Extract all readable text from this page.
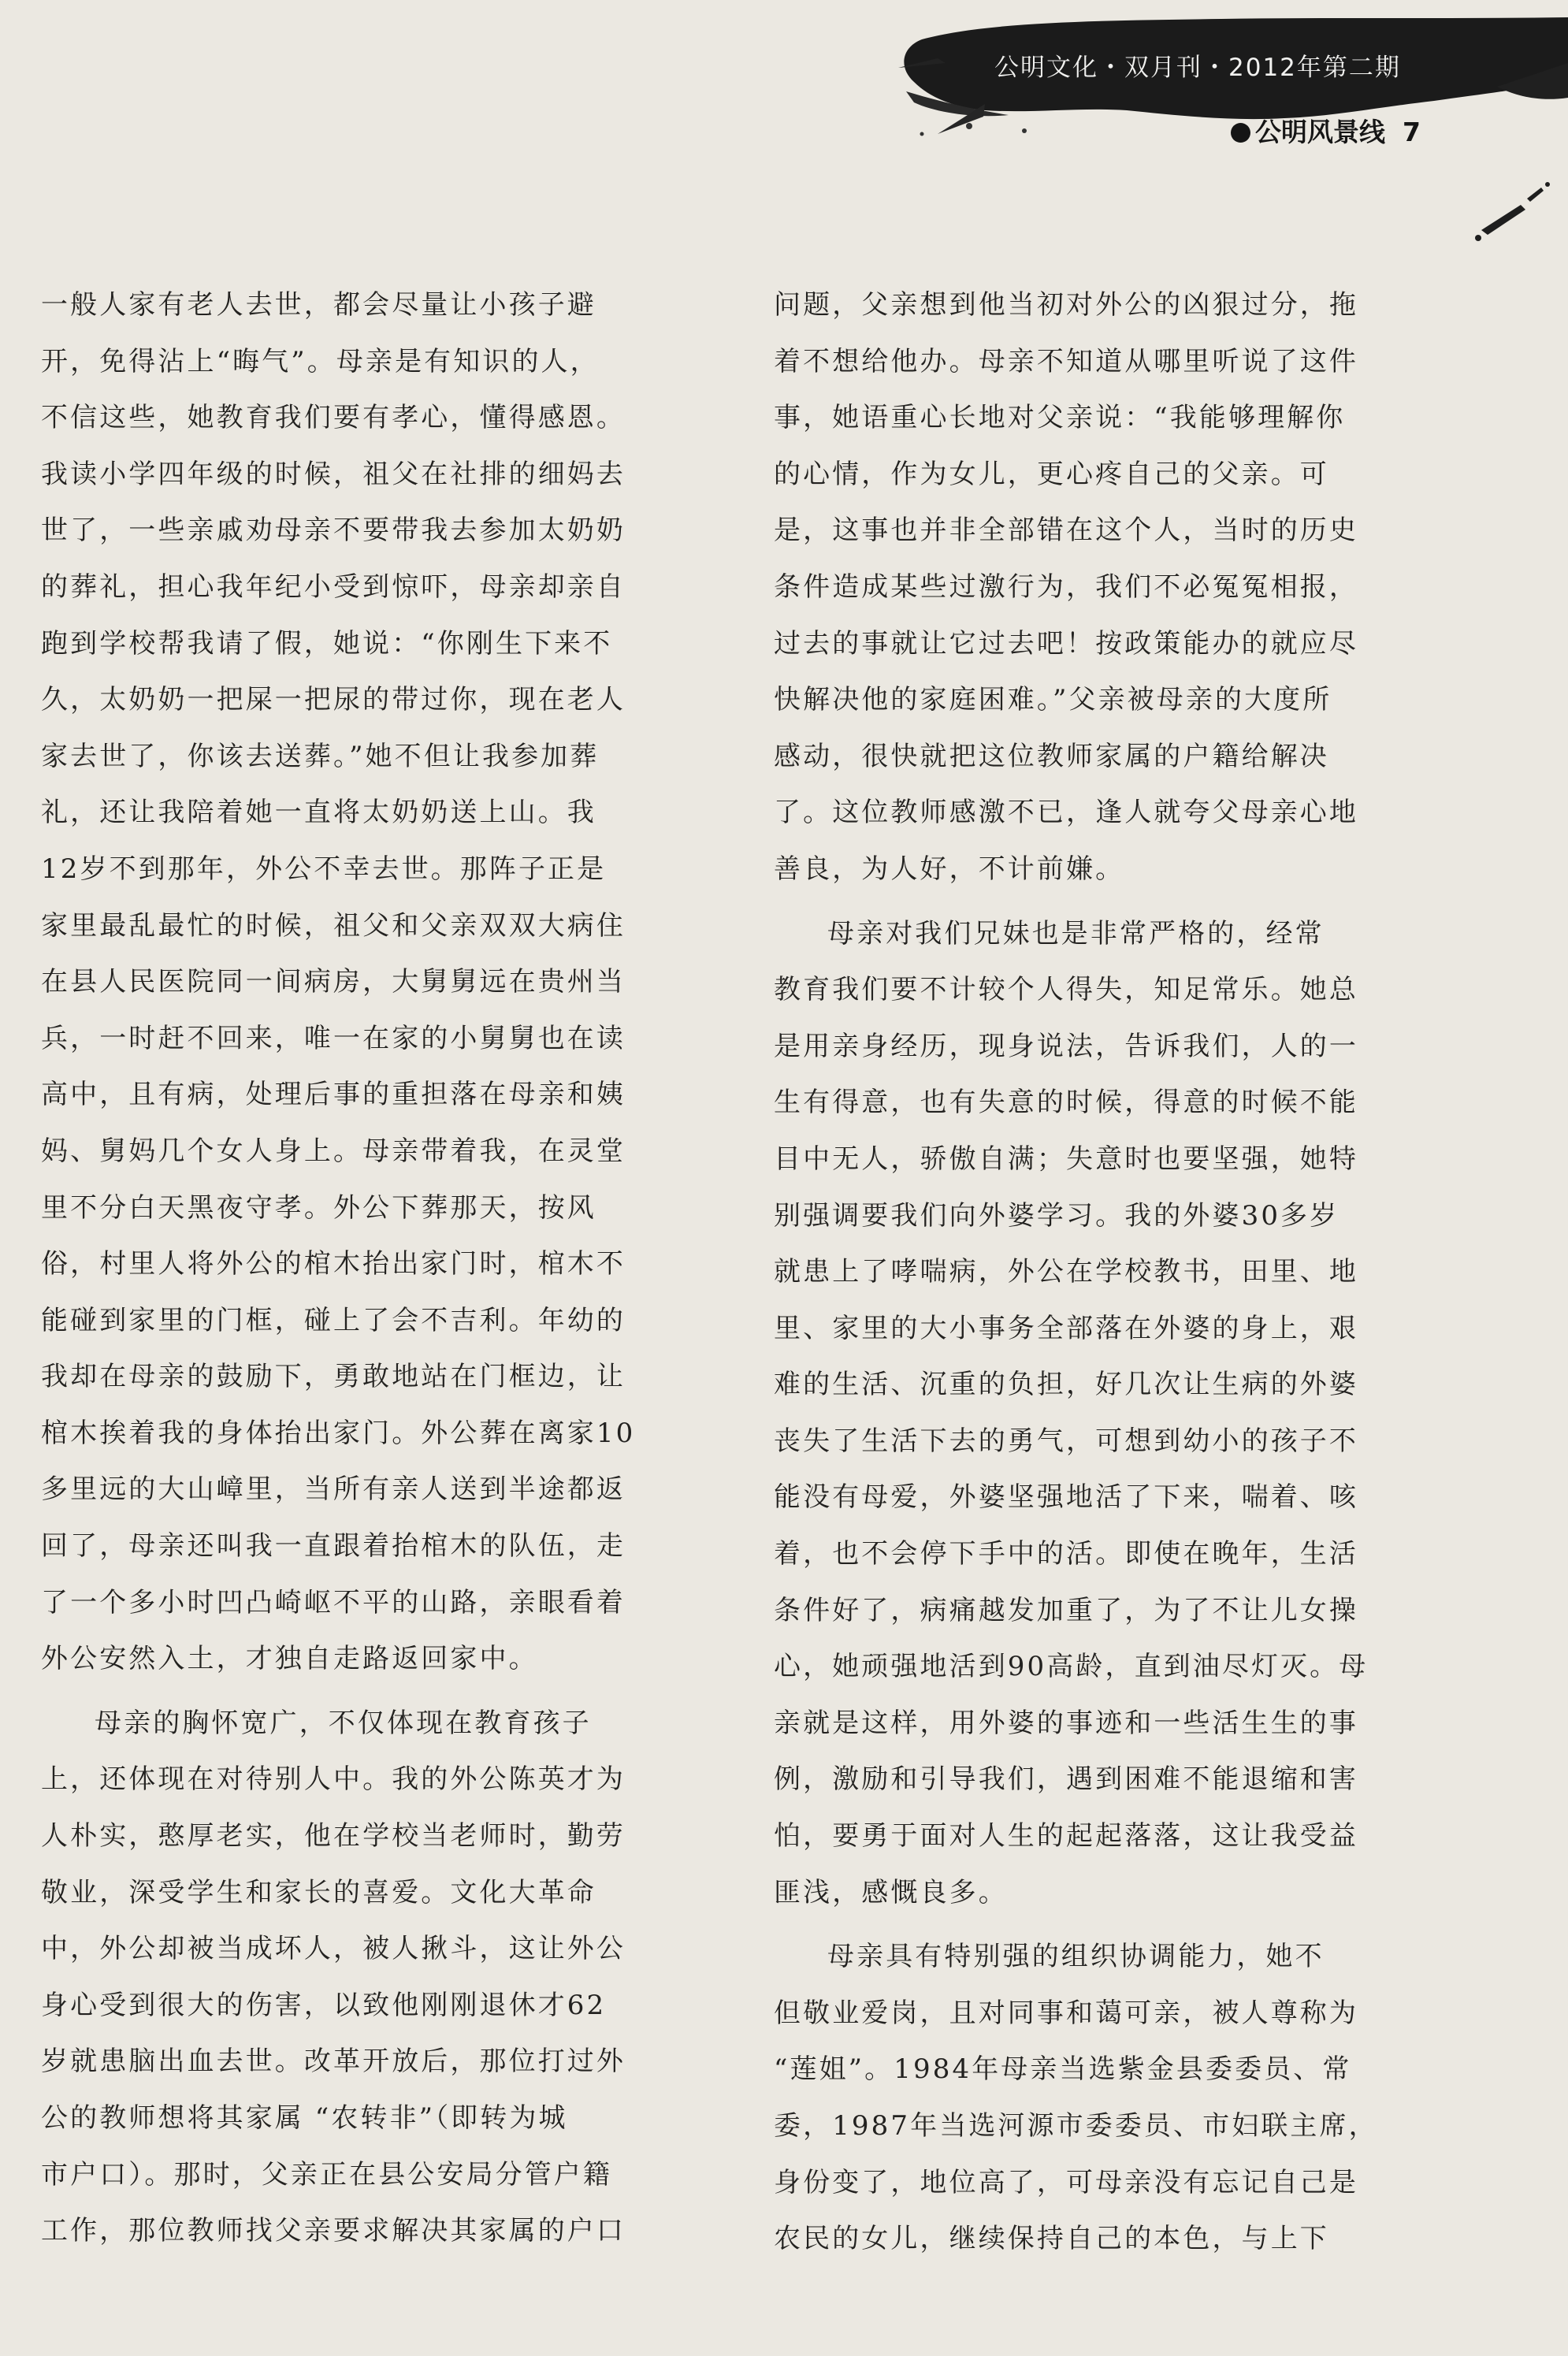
公明文化・双月刊・2012年第二期
公明风景线 7
一般人家有老人去世，都会尽量让小孩子避
开，免得沾上“晦气”。母亲是有知识的人，
不信这些，她教育我们要有孝心，懂得感恩。
我读小学四年级的时候，祖父在社排的细妈去
世了，一些亲戚劝母亲不要带我去参加太奶奶
的葬礼，担心我年纪小受到惊吓，母亲却亲自
跑到学校帮我请了假，她说：“你刚生下来不
久，太奶奶一把屎一把尿的带过你，现在老人
家去世了，你该去送葬。”她不但让我参加葬
礼，还让我陪着她一直将太奶奶送上山。我
12岁不到那年，外公不幸去世。那阵子正是
家里最乱最忙的时候，祖父和父亲双双大病住
在县人民医院同一间病房，大舅舅远在贵州当
兵，一时赶不回来，唯一在家的小舅舅也在读
高中，且有病，处理后事的重担落在母亲和姨
妈、舅妈几个女人身上。母亲带着我，在灵堂
里不分白天黑夜守孝。外公下葬那天，按风
俗，村里人将外公的棺木抬出家门时，棺木不
能碰到家里的门框，碰上了会不吉利。年幼的
我却在母亲的鼓励下，勇敢地站在门框边，让
棺木挨着我的身体抬出家门。外公葬在离家10
多里远的大山嶂里，当所有亲人送到半途都返
回了，母亲还叫我一直跟着抬棺木的队伍，走
了一个多小时凹凸崎岖不平的山路，亲眼看着
外公安然入土，才独自走路返回家中。
母亲的胸怀宽广，不仅体现在教育孩子
上，还体现在对待别人中。我的外公陈英才为
人朴实，憨厚老实，他在学校当老师时，勤劳
敬业，深受学生和家长的喜爱。文化大革命
中，外公却被当成坏人，被人揪斗，这让外公
身心受到很大的伤害，以致他刚刚退休才62
岁就患脑出血去世。改革开放后，那位打过外
公的教师想将其家属 “农转非”（即转为城
市户口）。那时，父亲正在县公安局分管户籍
工作，那位教师找父亲要求解决其家属的户口
问题，父亲想到他当初对外公的凶狠过分，拖
着不想给他办。母亲不知道从哪里听说了这件
事，她语重心长地对父亲说：“我能够理解你
的心情，作为女儿，更心疼自己的父亲。可
是，这事也并非全部错在这个人，当时的历史
条件造成某些过激行为，我们不必冤冤相报，
过去的事就让它过去吧！按政策能办的就应尽
快解决他的家庭困难。”父亲被母亲的大度所
感动，很快就把这位教师家属的户籍给解决
了。这位教师感激不已，逢人就夸父母亲心地
善良，为人好，不计前嫌。
母亲对我们兄妹也是非常严格的，经常
教育我们要不计较个人得失，知足常乐。她总
是用亲身经历，现身说法，告诉我们，人的一
生有得意，也有失意的时候，得意的时候不能
目中无人，骄傲自满；失意时也要坚强，她特
别强调要我们向外婆学习。我的外婆30多岁
就患上了哮喘病，外公在学校教书，田里、地
里、家里的大小事务全部落在外婆的身上，艰
难的生活、沉重的负担，好几次让生病的外婆
丧失了生活下去的勇气，可想到幼小的孩子不
能没有母爱，外婆坚强地活了下来，喘着、咳
着，也不会停下手中的活。即使在晚年，生活
条件好了，病痛越发加重了，为了不让儿女操
心，她顽强地活到90高龄，直到油尽灯灭。母
亲就是这样，用外婆的事迹和一些活生生的事
例，激励和引导我们，遇到困难不能退缩和害
怕，要勇于面对人生的起起落落，这让我受益
匪浅，感慨良多。
母亲具有特别强的组织协调能力，她不
但敬业爱岗，且对同事和蔼可亲，被人尊称为
“莲姐”。1984年母亲当选紫金县委委员、常
委，1987年当选河源市委委员、市妇联主席，
身份变了，地位高了，可母亲没有忘记自己是
农民的女儿，继续保持自己的本色，与上下
